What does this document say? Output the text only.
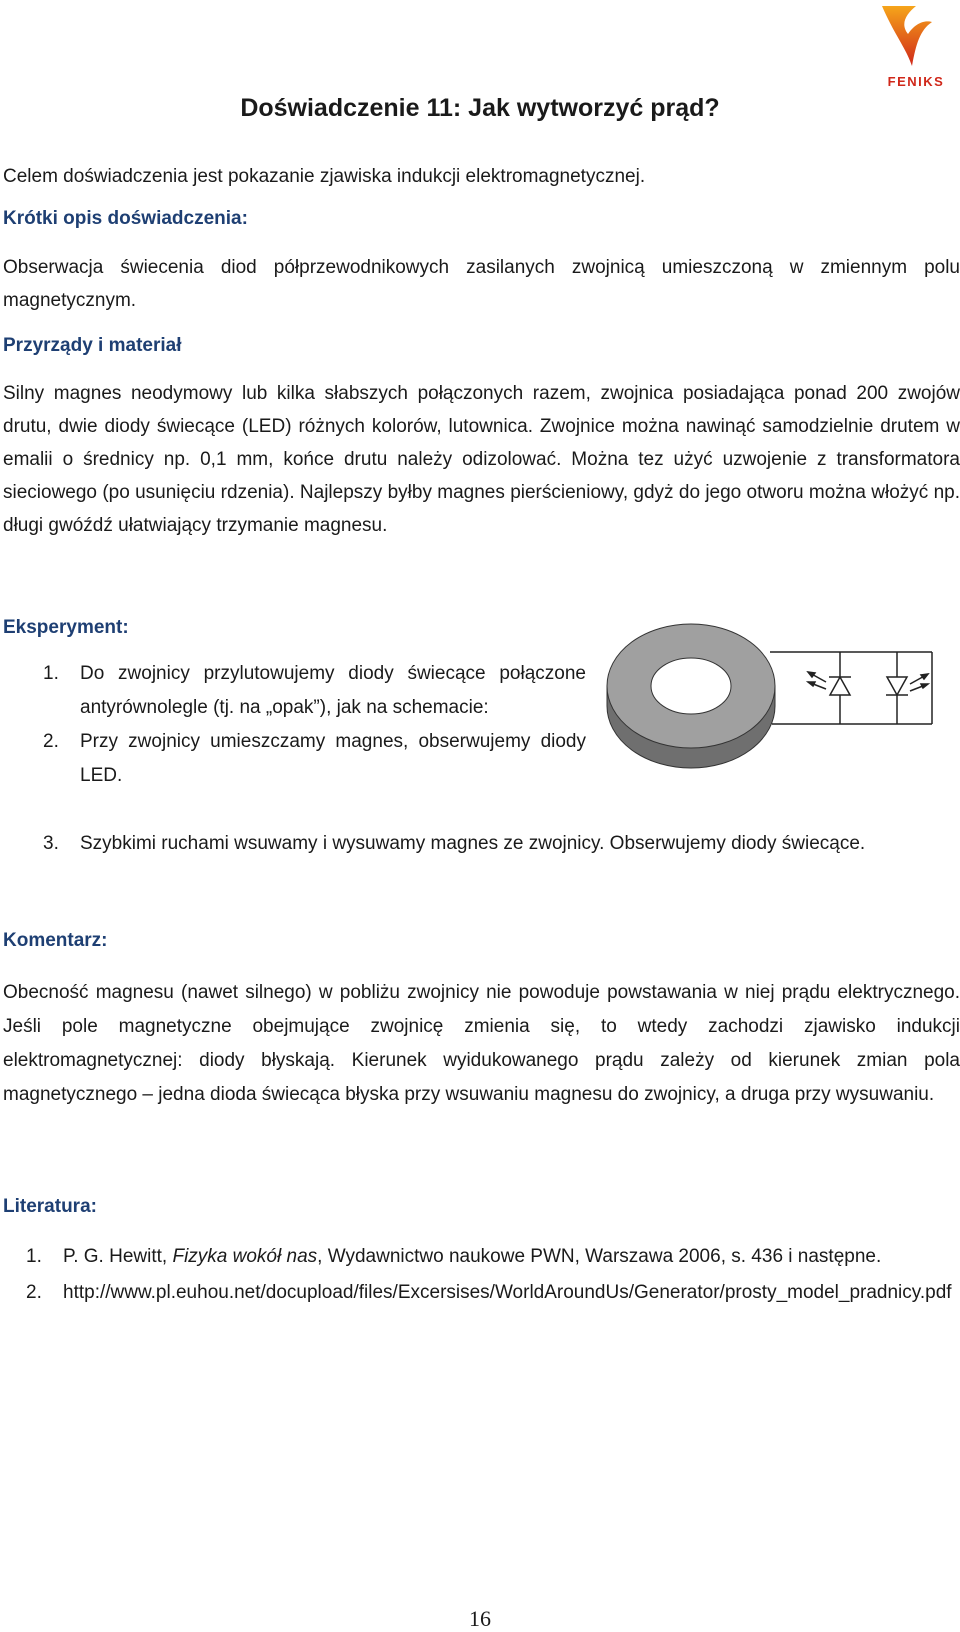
FENIKS
Doświadczenie 11: Jak wytworzyć prąd?
Celem doświadczenia jest pokazanie zjawiska indukcji elektromagnetycznej.
Krótki opis doświadczenia:
Obserwacja świecenia diod półprzewodnikowych zasilanych zwojnicą umieszczoną w zmiennym polu magnetycznym.
Przyrządy i materiał
Silny magnes neodymowy lub kilka słabszych połączonych razem, zwojnica posiadająca ponad 200 zwojów drutu, dwie diody świecące (LED) różnych kolorów, lutownica. Zwojnice można nawinąć samodzielnie drutem w emalii o średnicy np. 0,1 mm, końce drutu należy odizolować. Można tez użyć uzwojenie z transformatora sieciowego (po usunięciu rdzenia). Najlepszy byłby magnes pierścieniowy, gdyż do jego otworu można włożyć np. długi gwóźdź ułatwiający trzymanie magnesu.
Eksperyment:
1. Do zwojnicy przylutowujemy diody świecące połączone antyrównolegle (tj. na „opak”), jak na schemacie:
2. Przy zwojnicy umieszczamy magnes, obserwujemy diody LED.
3. Szybkimi ruchami wsuwamy i wysuwamy magnes ze zwojnicy. Obserwujemy diody świecące.
Komentarz:
Obecność magnesu (nawet silnego) w pobliżu zwojnicy nie powoduje powstawania w niej prądu elektrycznego. Jeśli pole magnetyczne obejmujące zwojnicę zmienia się, to wtedy zachodzi zjawisko indukcji elektromagnetycznej: diody błyskają. Kierunek wyidukowanego prądu zależy od kierunek zmian pola magnetycznego – jedna dioda świecąca błyska przy wsuwaniu magnesu do zwojnicy, a druga przy wysuwaniu.
Literatura:
1. P. G. Hewitt, Fizyka wokół nas, Wydawnictwo naukowe PWN, Warszawa 2006, s. 436 i następne.
2. http://www.pl.euhou.net/docupload/files/Excersises/WorldAroundUs/Generator/prosty_model_pradnicy.pdf
16
